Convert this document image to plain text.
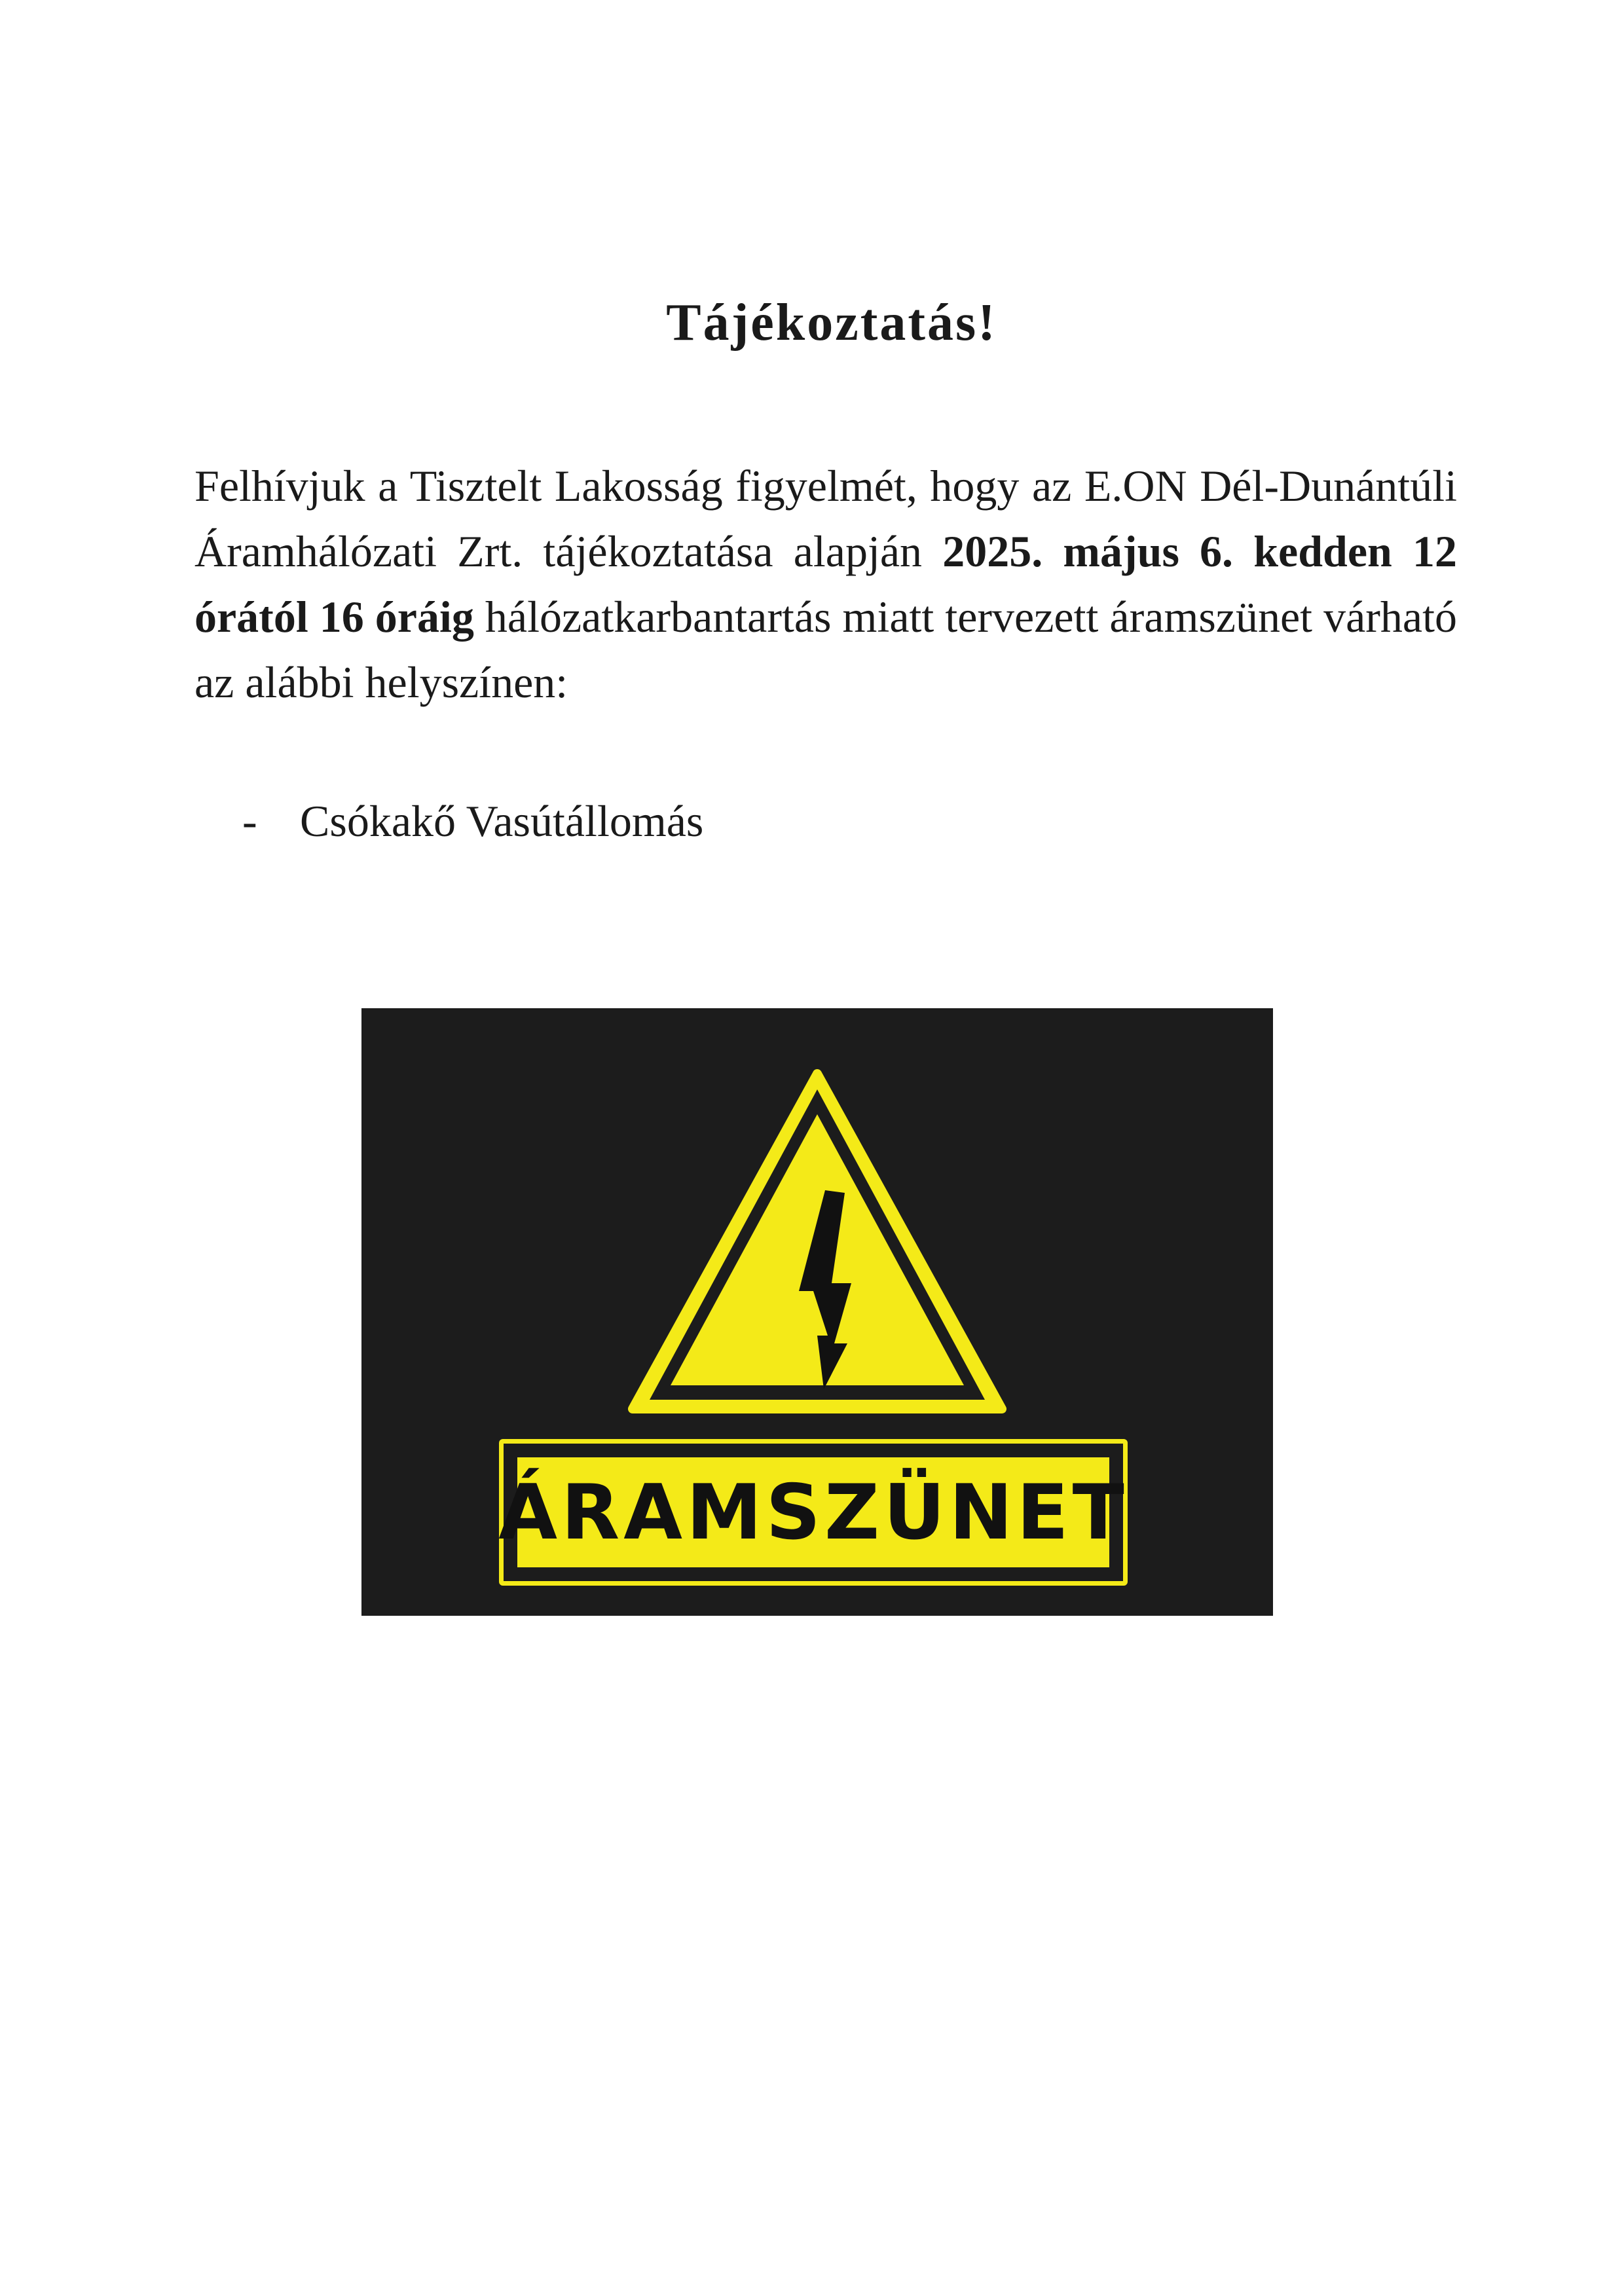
Tájékoztatás!

Felhívjuk a Tisztelt Lakosság figyelmét, hogy az E.ON Dél-Dunántúli Áramhálózati Zrt. tájékoztatása alapján 2025. május 6. kedden 12 órától 16 óráig hálózatkarbantartás miatt tervezett áramszünet várható az alábbi helyszínen:

- Csókakő Vasútállomás
ÁRAMSZÜNET
